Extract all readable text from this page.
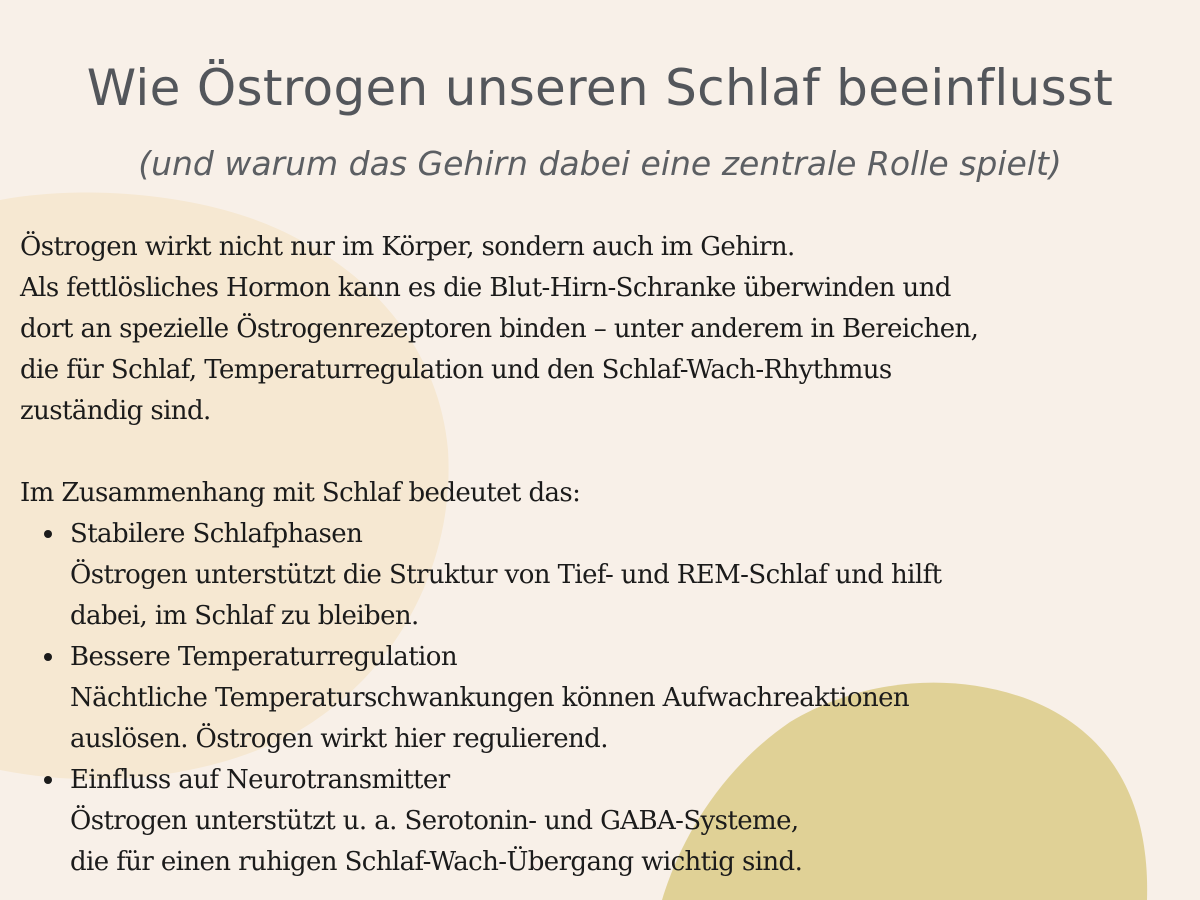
Wie Östrogen unseren Schlaf beeinflusst
(und warum das Gehirn dabei eine zentrale Rolle spielt)

Östrogen wirkt nicht nur im Körper, sondern auch im Gehirn.
Als fettlösliches Hormon kann es die Blut-Hirn-Schranke überwinden und
dort an spezielle Östrogenrezeptoren binden – unter anderem in Bereichen,
die für Schlaf, Temperaturregulation und den Schlaf-Wach-Rhythmus
zuständig sind.

Im Zusammenhang mit Schlaf bedeutet das:

Stabilere Schlafphasen
Östrogen unterstützt die Struktur von Tief- und REM-Schlaf und hilft
dabei, im Schlaf zu bleiben.
Bessere Temperaturregulation
Nächtliche Temperaturschwankungen können Aufwachreaktionen
auslösen. Östrogen wirkt hier regulierend.
Einfluss auf Neurotransmitter
Östrogen unterstützt u. a. Serotonin- und GABA-Systeme,
die für einen ruhigen Schlaf-Wach-Übergang wichtig sind.
